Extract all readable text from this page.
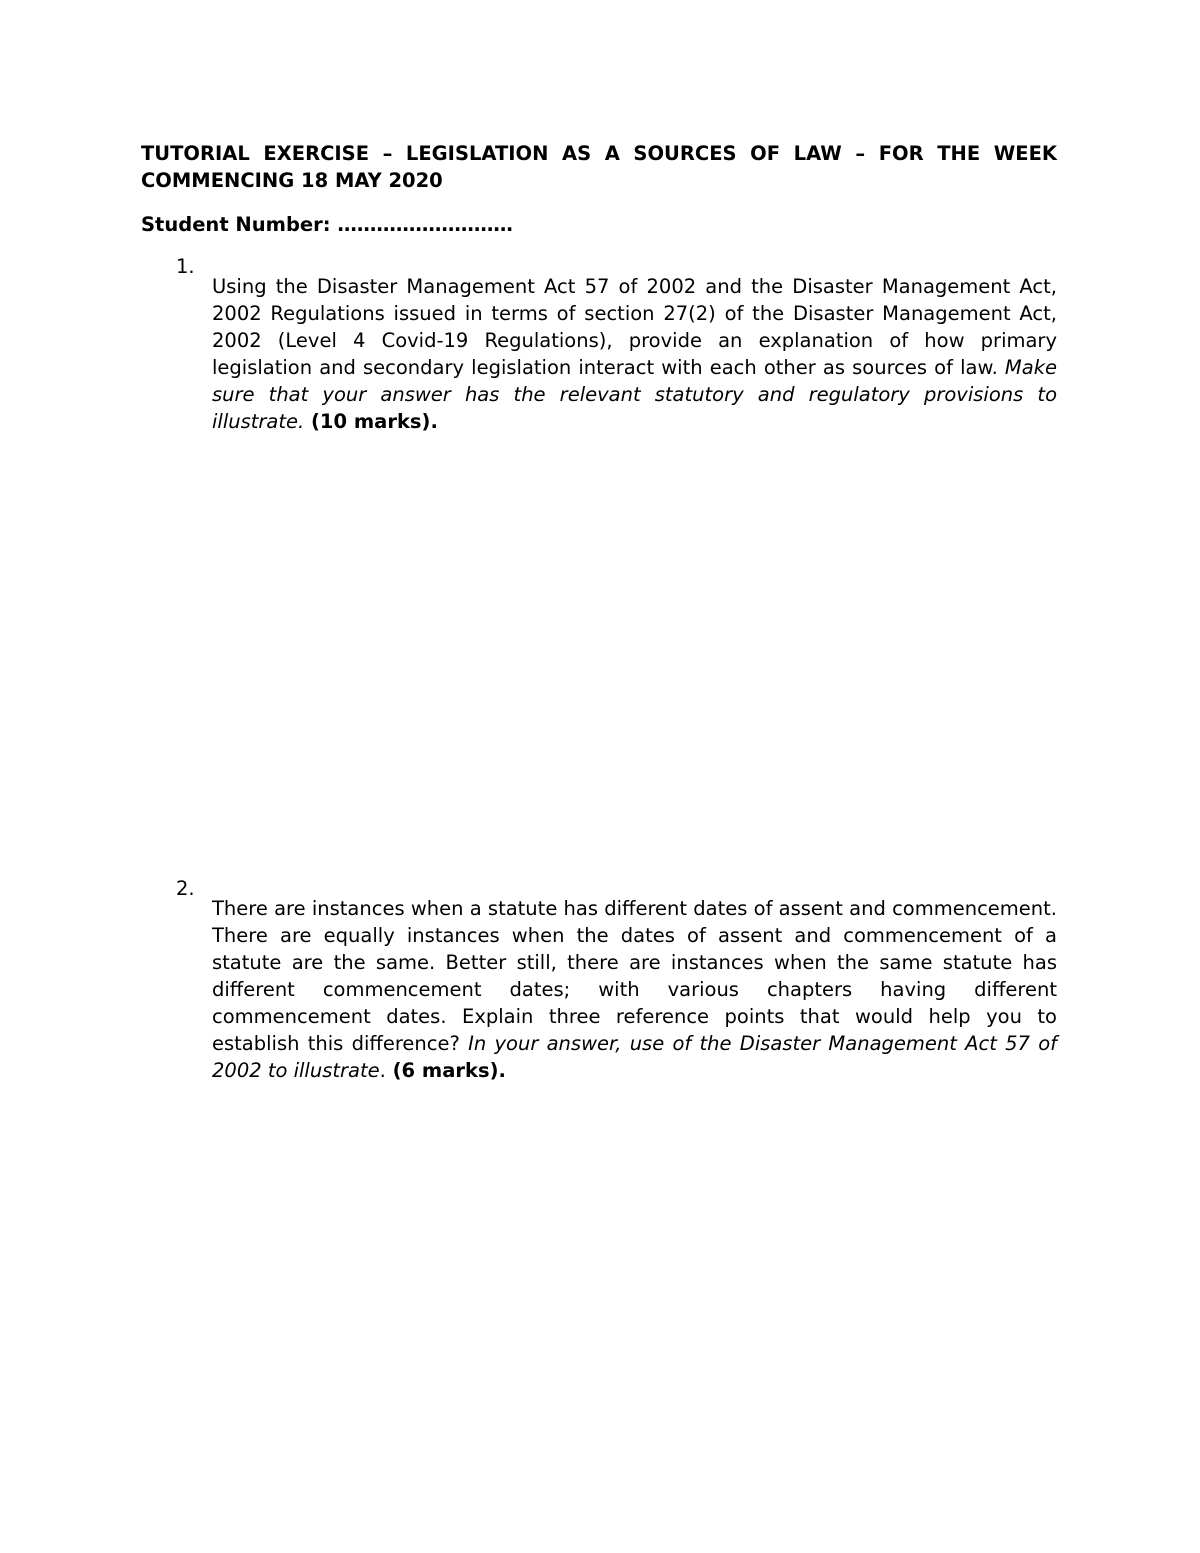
TUTORIAL EXERCISE – LEGISLATION AS A SOURCES OF LAW – FOR THE WEEK COMMENCING 18 MAY 2020

Student Number: ………………………

1.

Using the Disaster Management Act 57 of 2002 and the Disaster Management Act, 2002 Regulations issued in terms of section 27(2) of the Disaster Management Act, 2002 (Level 4 Covid-19 Regulations), provide an explanation of how primary legislation and secondary legislation interact with each other as sources of law. Make sure that your answer has the relevant statutory and regulatory provisions to illustrate. (10 marks).

2.

There are instances when a statute has different dates of assent and commencement. There are equally instances when the dates of assent and commencement of a statute are the same. Better still, there are instances when the same statute has different commencement dates; with various chapters having different commencement dates. Explain three reference points that would help you to establish this difference? In your answer, use of the Disaster Management Act 57 of 2002 to illustrate. (6 marks).
